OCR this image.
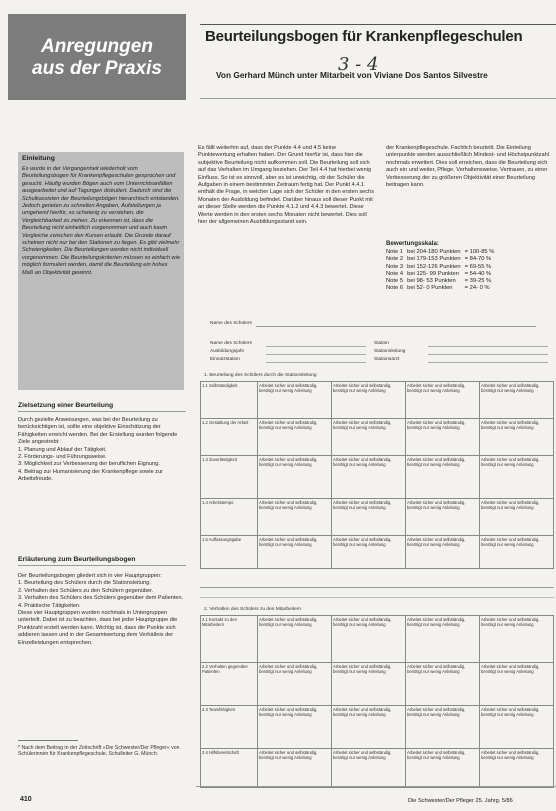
Anregungen
aus der Praxis
Beurteilungsbogen für Krankenpflegeschulen
3 - 4
Von Gerhard Münch unter Mitarbeit von Viviane Dos Santos Silvestre
Einleitung
Es wurde in der Vergangenheit wiederholt vom Beurteilungsbogen für Krankenpflegeschulen gesprochen und gesucht. Häufig wurden Bögen auch vom Unterrichtsanfällen ausgearbeitet und auf Tagungen diskutiert. Dadurch sind die Schulkassisten der Beurteilungsbögen hierarchisch entstanden. Jedoch gerieten zu schnellen Angaben, Aufstellungen ja umgehend hierfür, so schwierig zu verstehen, die Vergleichbarkeit zu ziehen. Zu erkennen ist, dass die Beurteilung nicht einheitlich vorgenommen und auch kaum Vergleiche zwischen den Kursen erlaubt. Die Grunde darauf scheinen nicht nur bei den Stationen zu liegen. Es gibt vielmehr Schwierigkeiten. Die Beurteilungen werden nicht individuell vorgenommen. Die Beurteilungskriterien müssen so einfach wie möglich formuliert werden, damit die Beurteilung ein hohes Maß an Objektivität gewinnt.
Zielsetzung einer Beurteilung
Durch gezielte Anweisungen, was bei der Beurteilung zu berücksichtigen ist, sollte eine objektive Einschätzung der Fähigkeiten erreicht werden. Bei der Erstellung wurden folgende Ziele angestrebt:
1. Planung und Ablauf der Tätigkeit.
2. Förderungs- und Führungsweise.
3. Möglichkeit zur Verbesserung der beruflichen Eignung.
4. Beitrag zur Humanisierung der Krankenpflege sowie zur Arbeitsfreude.
Erläuterung zum Beurteilungsbogen
Der Beurteilungsbogen gliedert sich in vier Hauptgruppen:
1. Beurteilung des Schülers durch die Stationsleitung.
2. Verhalten des Schülers zu den Schülern gegenüber.
3. Verhalten des Schülers des Schülers gegenüber dem Patienten.
4. Praktische Tätigkeiten.
Diese vier Hauptgruppen wurden nochmals in Untergruppen unterteilt. Dabei ist zu beachten, dass bei jeder Hauptgruppe die Punktzahl erzielt werden kann. Wichtig ist, dass die Punkte sich addieren lassen und in der Gesamtwertung dem Verhältnis der Einzelleistungen entsprechen.
* Nach dem Beitrag in der Zeitschrift »Die Schwester/Der Pfleger« von Schülerinnen für Krankenpflegeschule, Schulleiter G. Münch.
Es fällt weiterhin auf, dass der Punkte 4.4 und 4.5 keine Punktewertung erhalten haben. Der Grund hierfür ist, dass hier die subjektive Beurteilung nicht aufkommen soll. Die Beurteilung soll sich auf das Verhalten im Umgang beziehen. Der Teil 4.4 hat hierbei wenig Einfluss. So ist es sinnvoll, aber es ist unwichtig, ob der Schüler die Aufgaben in einem bestimmten Zeitraum fertig hat. Der Punkt 4.4.1 enthält die Frage, in welcher Lage sich der Schüler in den ersten sechs Monaten der Ausbildung befindet. Darüber hinaus soll dieser Punkt mit an dieser Stelle werden die Punkte 4.1.2 und 4.4.3 bewertet. Diese Werte werden in den ersten sechs Monaten nicht bewertet. Dies soll hier der allgemeinen Ausbildungsstand sein.
der Krankenpflegeschule. Fachlich beurteilt. Die Einteilung unterpunkte werden ausschließlich Mindest- und Höchstpunktzahl nochmals erweitert. Dies soll erreichen, dass die Beurteilung sich auch ein und weiter, Pflege, Verhaltensweise, Vertrauen, zu einer Verbesserung der zu größeren Objektivität einer Beurteilung beitragen kann.
Bewertungsskala:
Note 1	bei 204-180 Punkten	= 100-85 %
Note 2	bei 179-153 Punkten	= 84-70 %
Note 3	bei 152-126 Punkten	= 69-55 %
Note 4	bei 125- 99 Punkten	= 54-40 %
Note 5	bei 98- 53 Punkten	= 39-25 %
Note 6	bei 52- 0 Punkten	= 24- 0 %
Name des Schülers
Name des Schülers
Ausbildungsjahr
Einsatzstation
Station
Stationsleitung
Stationsarzt
1. Beurteilung des Schülers durch die Stationsleitung
1.1 Selbständigkeit	Arbeitet sicher und selbständig, benötigt nur wenig Anleitung	Arbeitet sicher und selbständig, benötigt nur wenig Anleitung	Arbeitet sicher und selbständig, benötigt nur wenig Anleitung	Arbeitet sicher und selbständig, benötigt nur wenig Anleitung
1.2 Gestaltung der Arbeit	Arbeitet sicher und selbständig, benötigt nur wenig Anleitung	Arbeitet sicher und selbständig, benötigt nur wenig Anleitung	Arbeitet sicher und selbständig, benötigt nur wenig Anleitung	Arbeitet sicher und selbständig, benötigt nur wenig Anleitung
1.3 Zuverlässigkeit	Arbeitet sicher und selbständig, benötigt nur wenig Anleitung	Arbeitet sicher und selbständig, benötigt nur wenig Anleitung	Arbeitet sicher und selbständig, benötigt nur wenig Anleitung	Arbeitet sicher und selbständig, benötigt nur wenig Anleitung
1.4 Arbeitstempo	Arbeitet sicher und selbständig, benötigt nur wenig Anleitung	Arbeitet sicher und selbständig, benötigt nur wenig Anleitung	Arbeitet sicher und selbständig, benötigt nur wenig Anleitung	Arbeitet sicher und selbständig, benötigt nur wenig Anleitung
1.5 Auffassungsgabe	Arbeitet sicher und selbständig, benötigt nur wenig Anleitung	Arbeitet sicher und selbständig, benötigt nur wenig Anleitung	Arbeitet sicher und selbständig, benötigt nur wenig Anleitung	Arbeitet sicher und selbständig, benötigt nur wenig Anleitung
2. Verhalten des Schülers zu den Mitarbeitern
2.1 Kontakt zu den Mitarbeitern	Arbeitet sicher und selbständig, benötigt nur wenig Anleitung	Arbeitet sicher und selbständig, benötigt nur wenig Anleitung	Arbeitet sicher und selbständig, benötigt nur wenig Anleitung	Arbeitet sicher und selbständig, benötigt nur wenig Anleitung
2.2 Verhalten gegenüber Patienten	Arbeitet sicher und selbständig, benötigt nur wenig Anleitung	Arbeitet sicher und selbständig, benötigt nur wenig Anleitung	Arbeitet sicher und selbständig, benötigt nur wenig Anleitung	Arbeitet sicher und selbständig, benötigt nur wenig Anleitung
2.3 Teamfähigkeit	Arbeitet sicher und selbständig, benötigt nur wenig Anleitung	Arbeitet sicher und selbständig, benötigt nur wenig Anleitung	Arbeitet sicher und selbständig, benötigt nur wenig Anleitung	Arbeitet sicher und selbständig, benötigt nur wenig Anleitung
2.4 Hilfsbereitschaft	Arbeitet sicher und selbständig, benötigt nur wenig Anleitung	Arbeitet sicher und selbständig, benötigt nur wenig Anleitung	Arbeitet sicher und selbständig, benötigt nur wenig Anleitung	Arbeitet sicher und selbständig, benötigt nur wenig Anleitung
410	Die Schwester/Der Pfleger 25. Jahrg. 5/86
